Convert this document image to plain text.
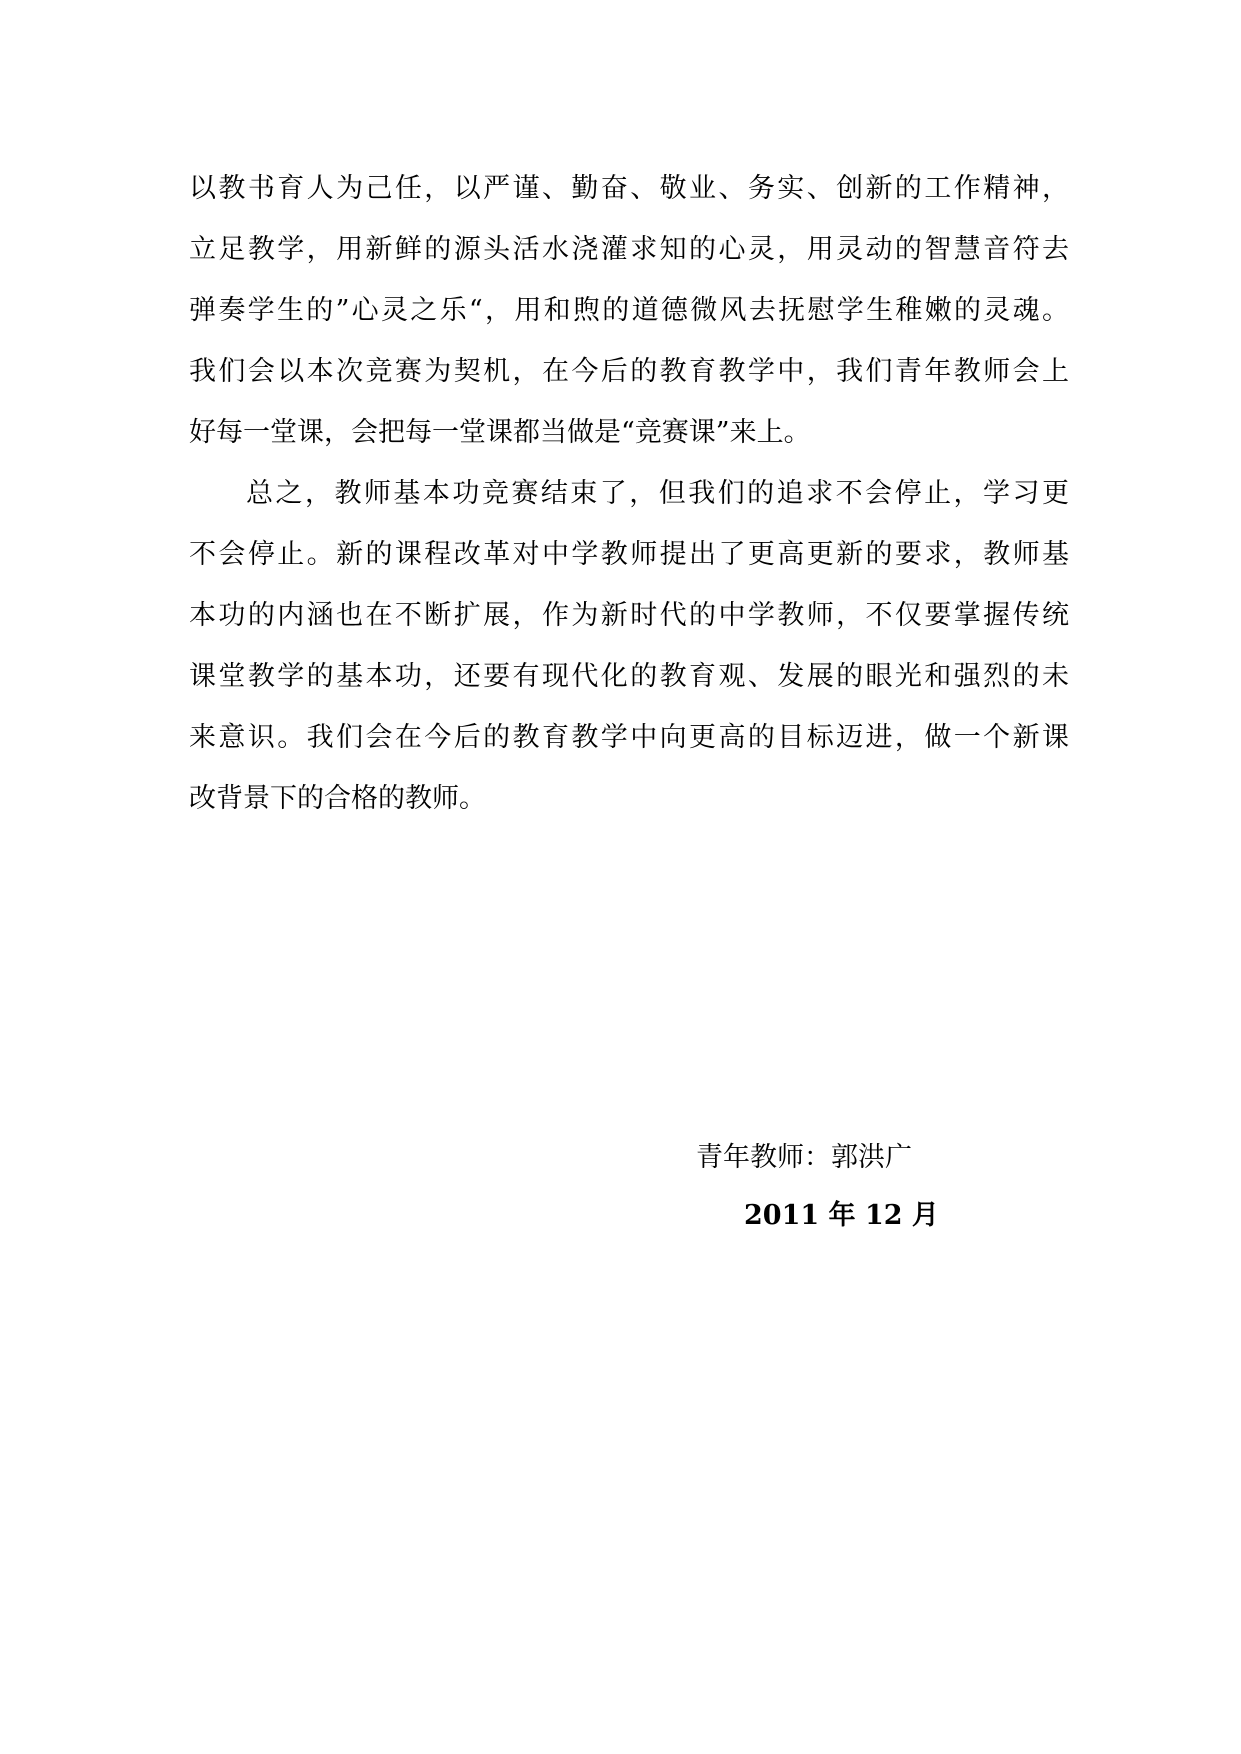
以教书育人为己任，以严谨、勤奋、敬业、务实、创新的工作精神，
立足教学，用新鲜的源头活水浇灌求知的心灵，用灵动的智慧音符去
弹奏学生的”心灵之乐“，用和煦的道德微风去抚慰学生稚嫩的灵魂。
我们会以本次竞赛为契机，在今后的教育教学中，我们青年教师会上
好每一堂课，会把每一堂课都当做是“竞赛课”来上。
总之，教师基本功竞赛结束了，但我们的追求不会停止，学习更
不会停止。新的课程改革对中学教师提出了更高更新的要求，教师基
本功的内涵也在不断扩展，作为新时代的中学教师，不仅要掌握传统
课堂教学的基本功，还要有现代化的教育观、发展的眼光和强烈的未
来意识。我们会在今后的教育教学中向更高的目标迈进，做一个新课
改背景下的合格的教师。
青年教师：郭洪广
2011 年 12 月
